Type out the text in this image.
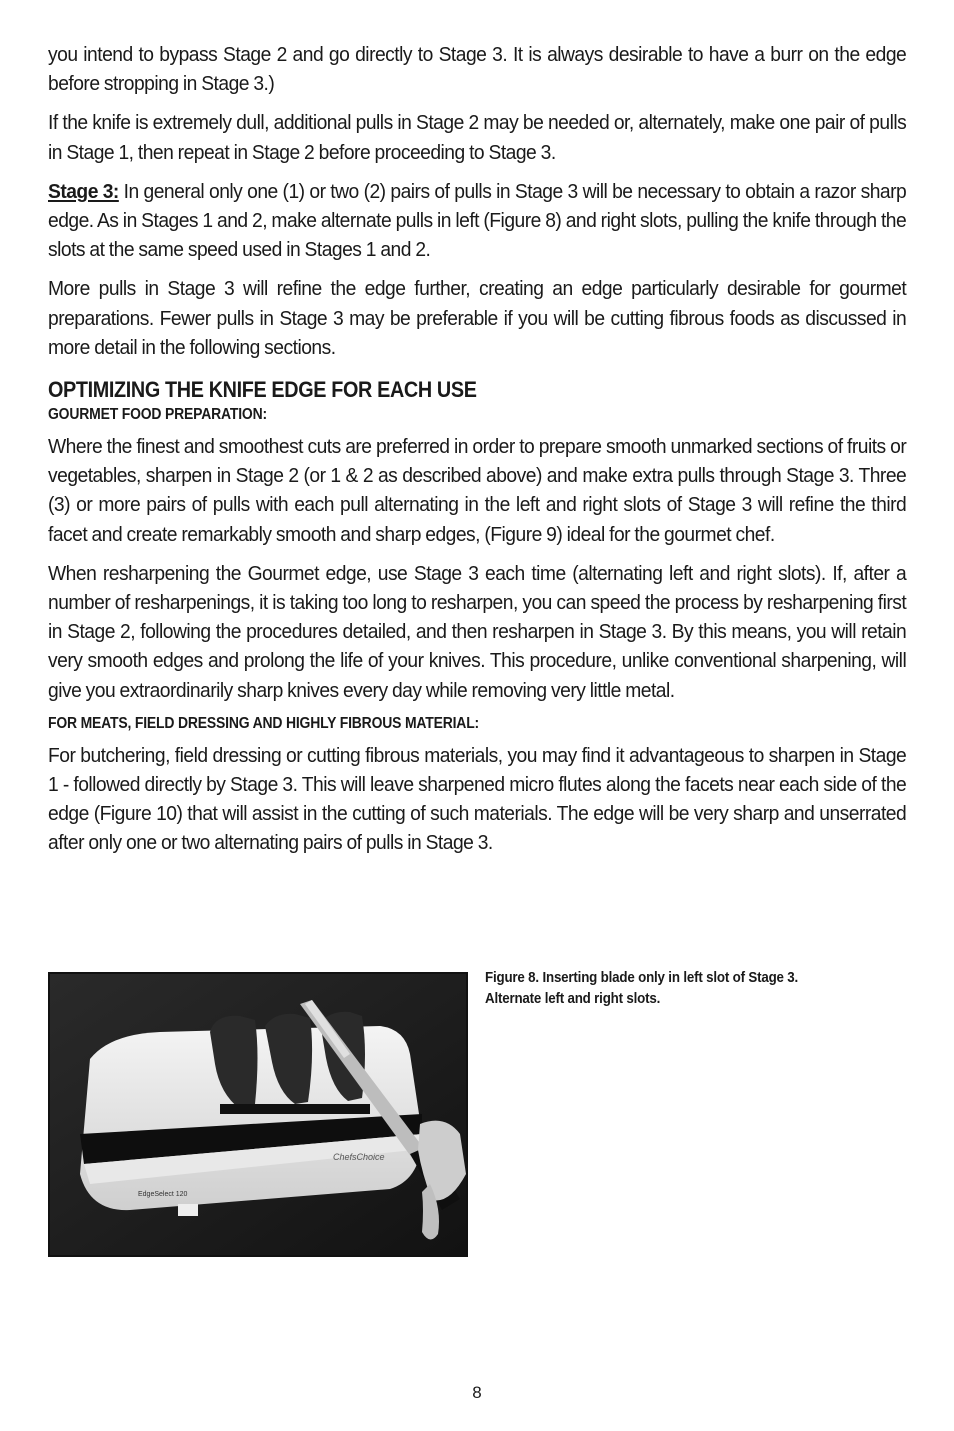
you intend to bypass Stage 2 and go directly to Stage 3. It is always desirable to have a burr on the edge before stropping in Stage 3.)

If the knife is extremely dull, additional pulls in Stage 2 may be needed or, alternately, make one pair of pulls in Stage 1, then repeat in Stage 2 before proceeding to Stage 3.

Stage 3: In general only one (1) or two (2) pairs of pulls in Stage 3 will be necessary to obtain a razor sharp edge. As in Stages 1 and 2, make alternate pulls in left (Figure 8) and right slots, pulling the knife through the slots at the same speed used in Stages 1 and 2.

More pulls in Stage 3 will refine the edge further, creating an edge particularly desirable for gourmet preparations. Fewer pulls in Stage 3 may be preferable if you will be cutting fibrous foods as discussed in more detail in the following sections.

OPTIMIZING THE KNIFE EDGE FOR EACH USE
GOURMET FOOD PREPARATION:

Where the finest and smoothest cuts are preferred in order to prepare smooth unmarked sections of fruits or vegetables, sharpen in Stage 2 (or 1 & 2 as described above) and make extra pulls through Stage 3. Three (3) or more pairs of pulls with each pull alternating in the left and right slots of Stage 3 will refine the third facet and create remarkably smooth and sharp edges, (Figure 9) ideal for the gourmet chef.

When resharpening the Gourmet edge, use Stage 3 each time (alternating left and right slots). If, after a number of resharpenings, it is taking too long to resharpen, you can speed the process by resharpening first in Stage 2, following the procedures detailed, and then resharpen in Stage 3. By this means, you will retain very smooth edges and prolong the life of your knives. This procedure, unlike conventional sharpening, will give you extraordinarily sharp knives every day while removing very little metal.

FOR MEATS, FIELD DRESSING AND HIGHLY FIBROUS MATERIAL:

For butchering, field dressing or cutting fibrous materials, you may find it advantageous to sharpen in Stage 1 - followed directly by Stage 3. This will leave sharpened micro flutes along the facets near each side of the edge (Figure 10) that will assist in the cutting of such materials. The edge will be very sharp and unserrated after only one or two alternating pairs of pulls in Stage 3.

ChefsChoice
EdgeSelect 120
Figure 8. Inserting blade only in left slot of Stage 3.
Alternate left and right slots.
8
